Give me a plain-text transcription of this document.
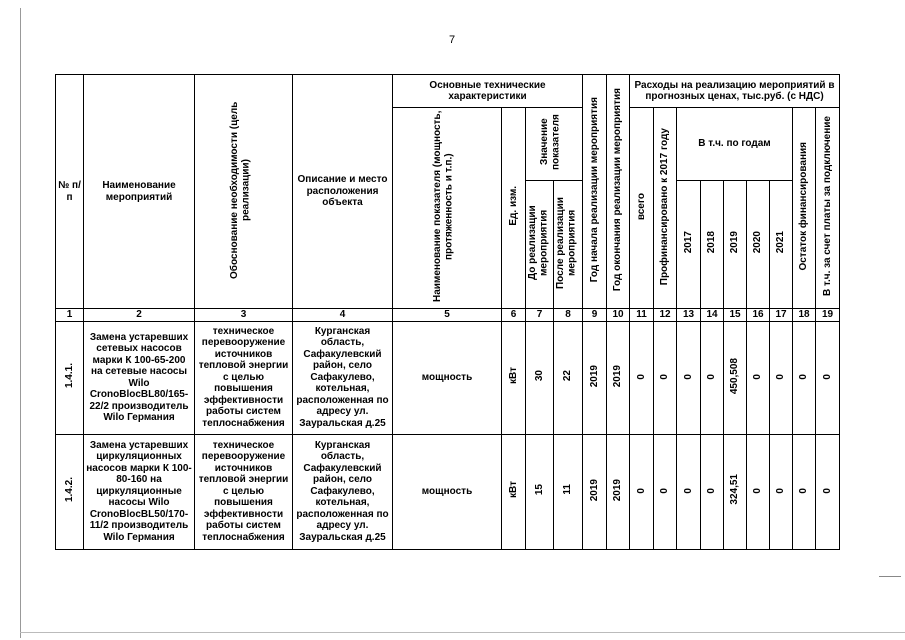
7
№ п/п	Наименование мероприятий	Обоснование необходимости (цель реализации)	Описание и место расположения объекта	Основные технические характеристики				Год начала реализации мероприятия	Год окончания реализации мероприятия	Расходы на реализацию мероприятий в прогнозных ценах, тыс.руб. (с НДС)								

				Наименование показателя (мощность, протяженность и т.п.)	Ед. изм.	Значение показателя				всего	Профинансировано к 2017 году	В т.ч. по годам					Остаток финансирования	В т.ч. за счет платы за подключение
						До реализации мероприятия	После реализации мероприятия					2017	2018	2019	2020	2021		
1	2	3	4	5	6	7	8	9	10	11	12	13	14	15	16	17	18	19
1.4.1.	Замена устаревших сетевых насосов марки К 100-65-200 на сетевые насосы Wilo CronoBlocBL80/165-22/2 производитель Wilo Германия	техническое перевооружение источников тепловой энергии с целью повышения эффективности работы систем теплоснабжения	Курганская область, Сафакулевский район, село Сафакулево, котельная, расположенная по адресу ул. Зауральская д.25	мощность	кВт	30	22	2019	2019	0	0	0	0	450,508	0	0	0	0
1.4.2.	Замена устаревших циркуляционных насосов марки К 100-80-160 на циркуляционные насосы Wilo CronoBlocBL50/170-11/2 производитель Wilo Германия	техническое перевооружение источников тепловой энергии с целью повышения эффективности работы систем теплоснабжения	Курганская область, Сафакулевский район, село Сафакулево, котельная, расположенная по адресу ул. Зауральская д.25	мощность	кВт	15	11	2019	2019	0	0	0	0	324,51	0	0	0	0
